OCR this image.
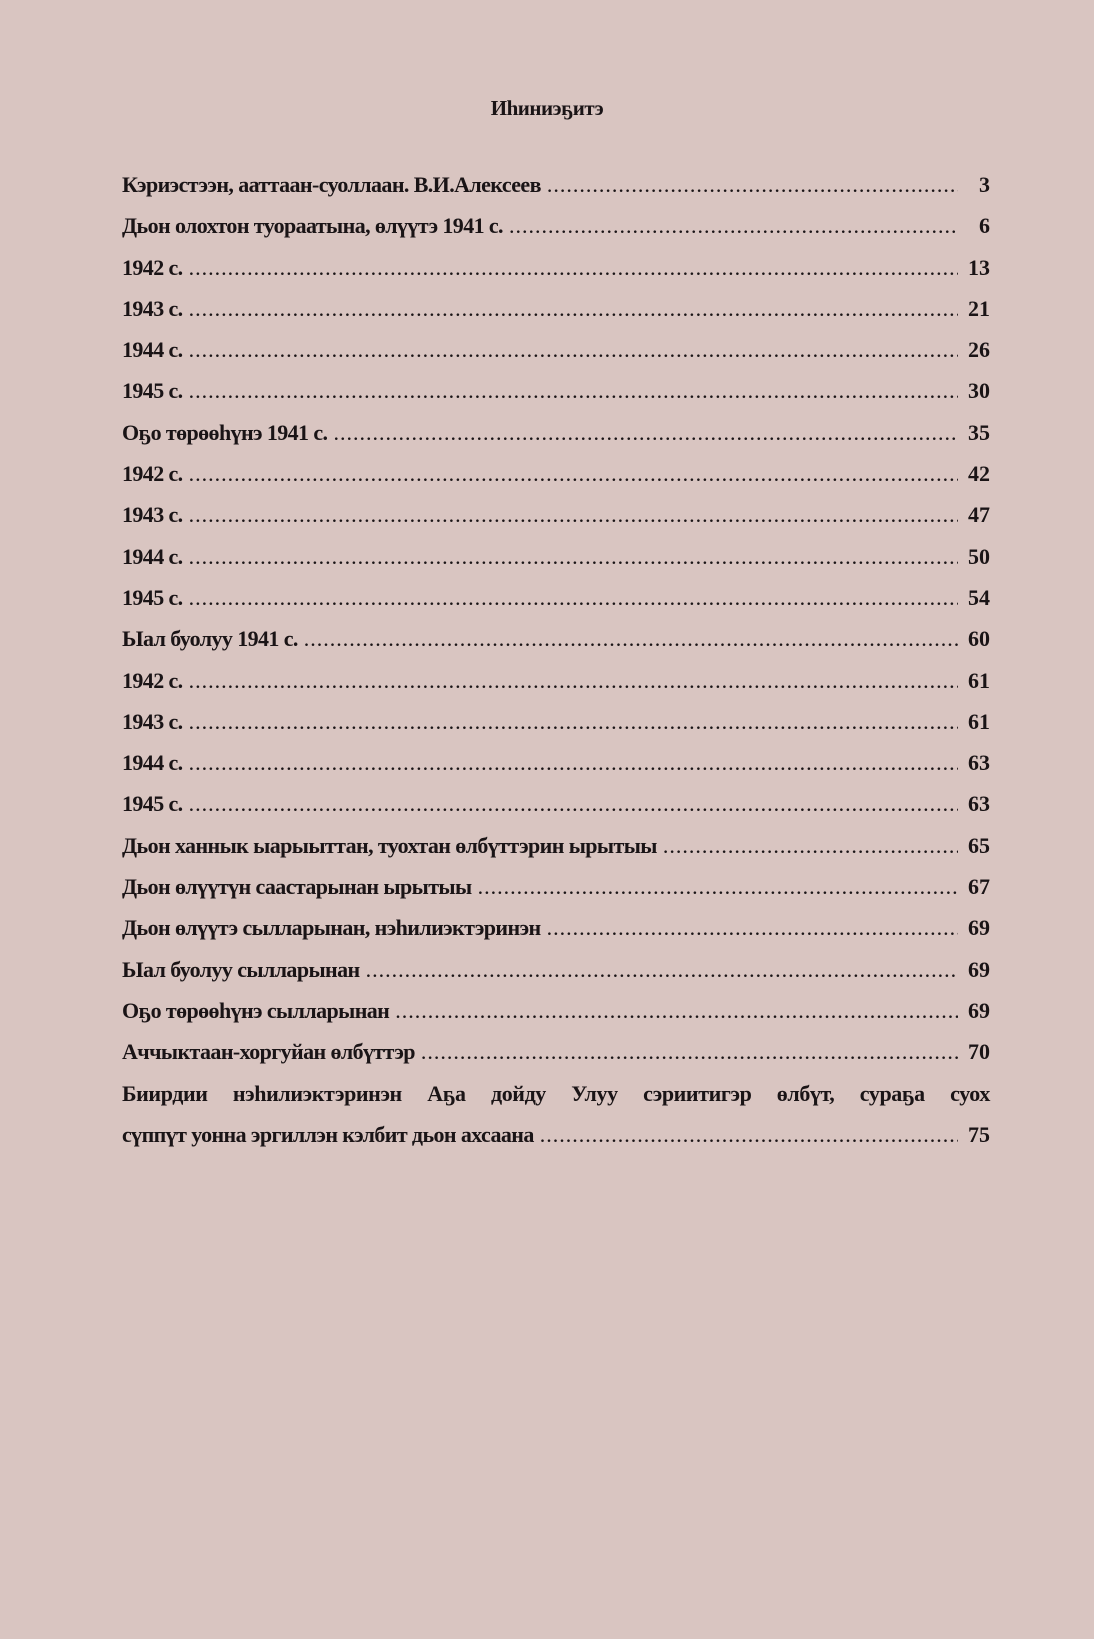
Иһиниэҕитэ
Кэриэстээн, ааттаан-суоллаан. В.И.Алексеев .....	3
Дьон олохтон туораатына, өлүүтэ 1941 с. .....	6
1942 с. .....	13
1943 с. .....	21
1944 с. .....	26
1945 с. .....	30
Оҕо төрөөһүнэ 1941 с. .....	35
1942 с. .....	42
1943 с. .....	47
1944 с. .....	50
1945 с. .....	54
Ыал буолуу 1941 с. .....	60
1942 с. .....	61
1943 с. .....	61
1944 с. .....	63
1945 с. .....	63
Дьон ханнык ыарыыттан, туохтан өлбүттэрин ырытыы .....	65
Дьон өлүүтүн саастарынан ырытыы .....	67
Дьон өлүүтэ сылларынан, нэһилиэктэринэн .....	69
Ыал буолуу сылларынан .....	69
Оҕо төрөөһүнэ сылларынан .....	69
Аччыктаан-хоргуйан өлбүттэр .....	70
Биирдии нэһилиэктэринэн Аҕа дойду Улуу сэриитигэр өлбүт, сураҕа суох
сүппүт уонна эргиллэн кэлбит дьон ахсаана .....	75
